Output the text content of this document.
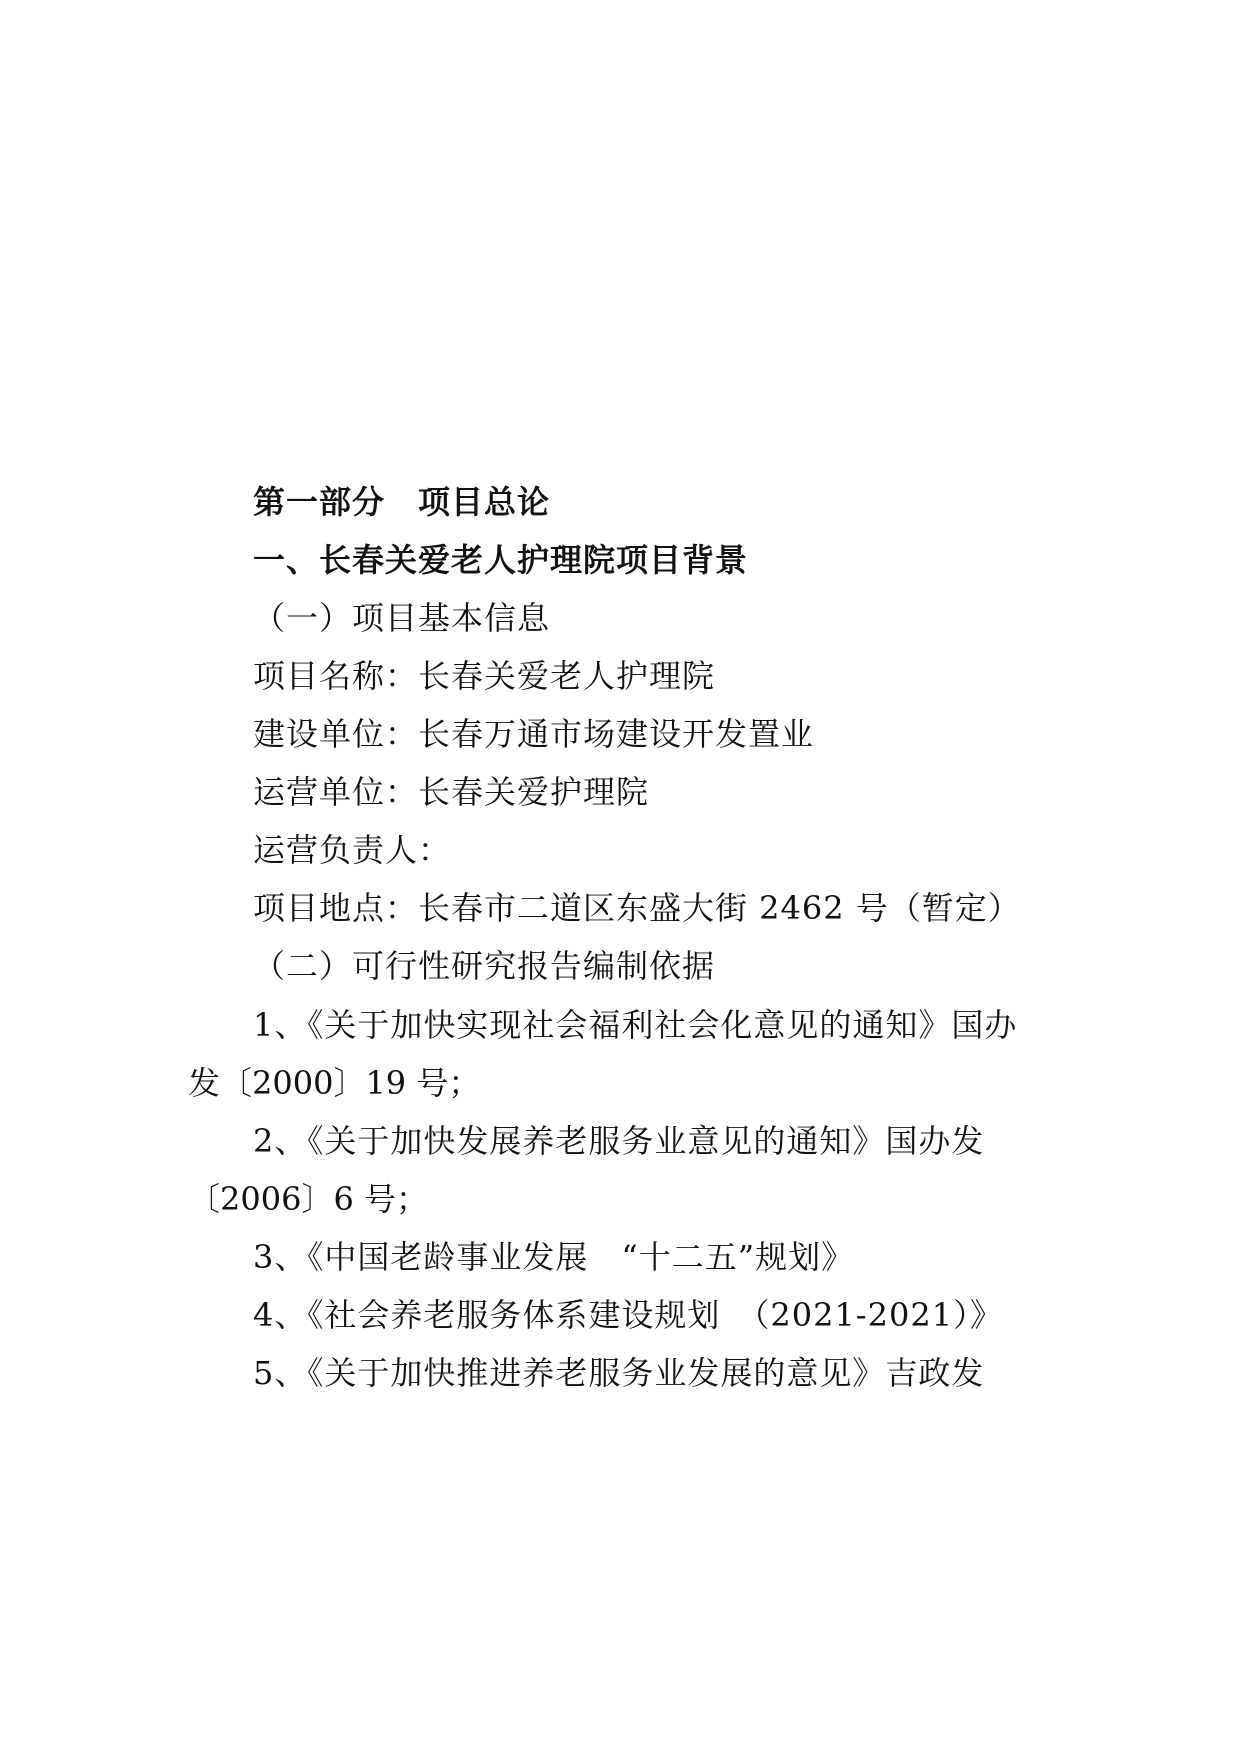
第一部分　项目总论
一、长春关爱老人护理院项目背景
（一）项目基本信息
项目名称：长春关爱老人护理院
建设单位：长春万通市场建设开发置业
运营单位：长春关爱护理院
运营负责人：
项目地点：长春市二道区东盛大街 2462 号（暂定）
（二）可行性研究报告编制依据
1、《关于加快实现社会福利社会化意见的通知》国办
发〔2000〕19 号；
2、《关于加快发展养老服务业意见的通知》国办发
〔2006〕6 号；
3、《中国老龄事业发展　“十二五”规划》
4、《社会养老服务体系建设规划　（2021-2021）》
5、《关于加快推进养老服务业发展的意见》吉政发
